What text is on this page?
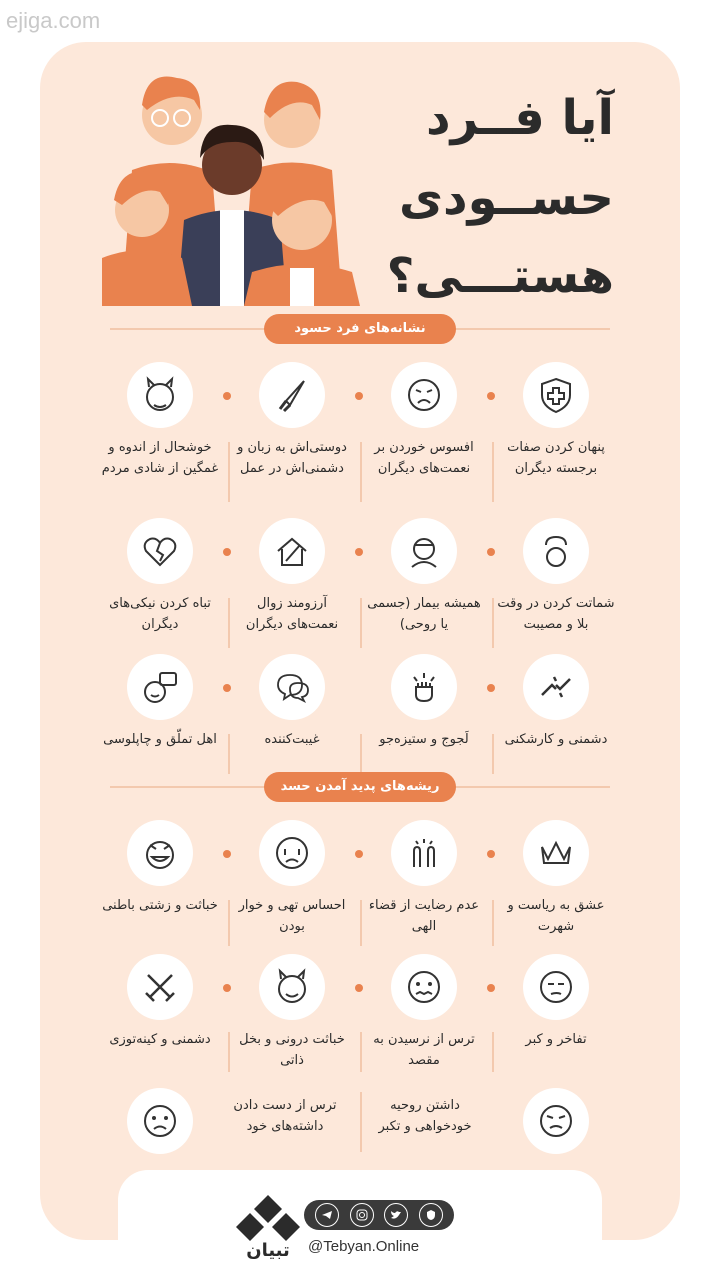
ejiga.com
آیا فــرد
حســودی
هستـــی؟
نشانه‌های فرد حسود
پنهان کردن صفات برجسته دیگران
افسوس خوردن بر نعمت‌های دیگران
دوستی‌اش به زبان و دشمنی‌اش در عمل
خوشحال از اندوه و غمگین از شادی مردم
شماتت کردن در وقت بلا و مصیبت
همیشه بیمار (جسمی یا روحی)
آرزومند زوال نعمت‌های دیگران
تباه کردن نیکی‌های دیگران
دشمنی و کارشکنی
لَجوج و ستیزه‌جو
غیبت‌کننده
اهل تملّق و چاپلوسی
ریشه‌های پدید آمدن حسد
عشق به ریاست و شهرت
عدم رضایت از قضاء الهی
احساس تهی و خوار بودن
خباثت و زشتی باطنی
تفاخر و کبر
ترس از نرسیدن به مقصد
خباثت درونی و بخل ذاتی
دشمنی و کینه‌توزی
داشتن روحیه خودخواهی و تکبر
ترس از دست دادن داشته‌های خود
تبیان	@Tebyan.Online
